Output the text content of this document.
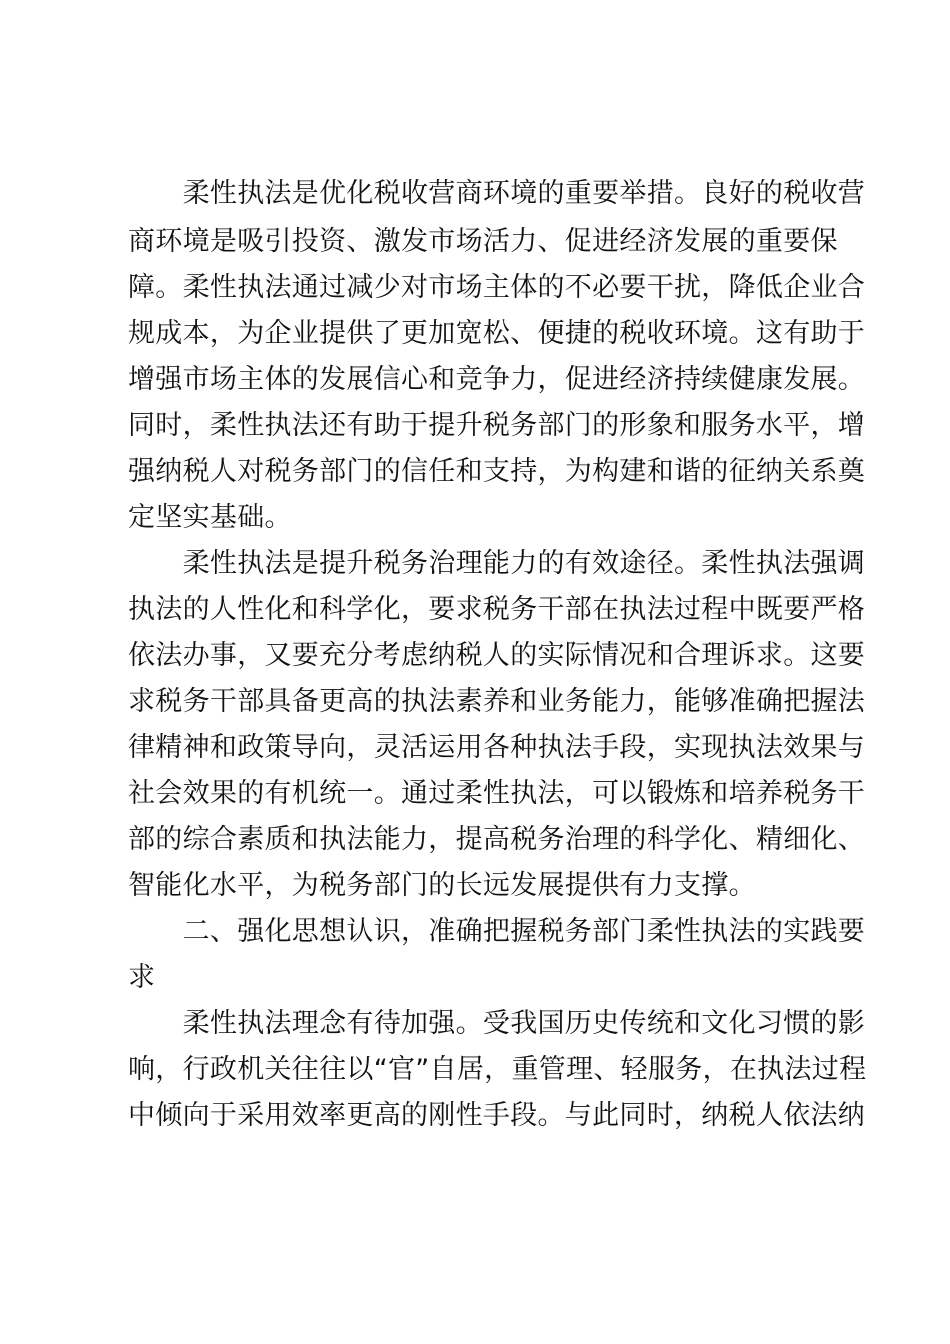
　　柔性执法是优化税收营商环境的重要举措。良好的税收营
商环境是吸引投资、激发市场活力、促进经济发展的重要保
障。柔性执法通过减少对市场主体的不必要干扰，降低企业合
规成本，为企业提供了更加宽松、便捷的税收环境。这有助于
增强市场主体的发展信心和竞争力，促进经济持续健康发展。
同时，柔性执法还有助于提升税务部门的形象和服务水平，增
强纳税人对税务部门的信任和支持，为构建和谐的征纳关系奠
定坚实基础。
　　柔性执法是提升税务治理能力的有效途径。柔性执法强调
执法的人性化和科学化，要求税务干部在执法过程中既要严格
依法办事，又要充分考虑纳税人的实际情况和合理诉求。这要
求税务干部具备更高的执法素养和业务能力，能够准确把握法
律精神和政策导向，灵活运用各种执法手段，实现执法效果与
社会效果的有机统一。通过柔性执法，可以锻炼和培养税务干
部的综合素质和执法能力，提高税务治理的科学化、精细化、
智能化水平，为税务部门的长远发展提供有力支撑。
　　二、强化思想认识，准确把握税务部门柔性执法的实践要
求
　　柔性执法理念有待加强。受我国历史传统和文化习惯的影
响，行政机关往往以“官”自居，重管理、轻服务，在执法过程
中倾向于采用效率更高的刚性手段。与此同时，纳税人依法纳
